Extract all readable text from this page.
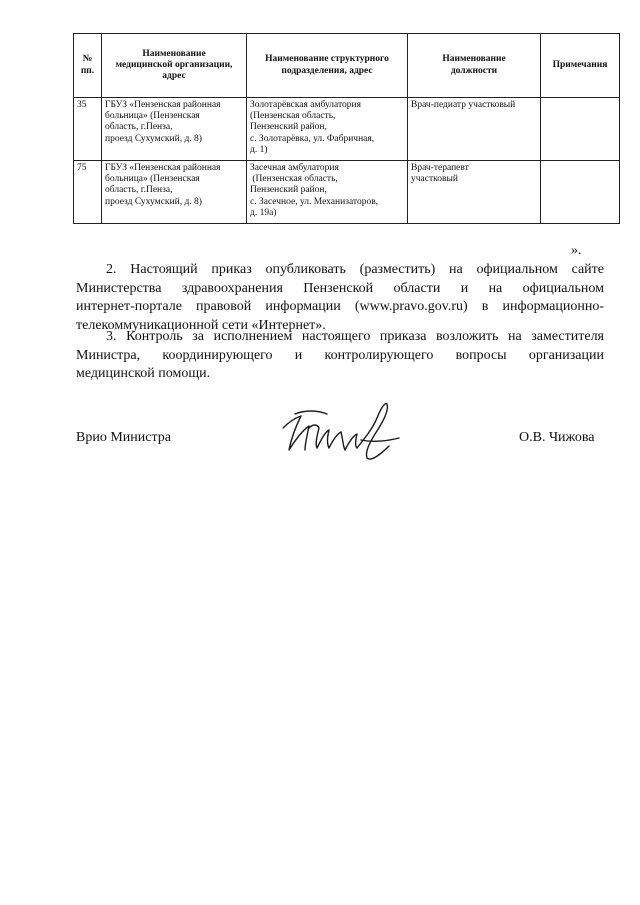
№
пп.	Наименование
медицинской организации,
адрес	Наименование структурного
подразделения, адрес	Наименование
должности	Примечания

35	ГБУЗ «Пензенская районная
больница» (Пензенская
область, г.Пенза,
проезд Сухумский, д. 8)	Золотарёвская амбулатория
(Пензенская область,
Пензенский район,
с. Золотарёвка, ул. Фабричная,
д. 1)	Врач-педиатр участковый	

75	ГБУЗ «Пензенская районная
больница» (Пензенская
область, г.Пенза,
проезд Сухумский, д. 8)	Засечная амбулатория
(Пензенская область,
Пензенский район,
с. Засечное, ул. Механизаторов,
д. 19а)	Врач-терапевт
участковый	

».
2. Настоящий приказ опубликовать (разместить) на официальном сайте
Министерства здравоохранения Пензенской области и на официальном
интернет-портале правовой информации (www.pravo.gov.ru) в информационно-
телекоммуникационной сети «Интернет».
3. Контроль за исполнением настоящего приказа возложить на заместителя
Министра, координирующего и контролирующего вопросы организации
медицинской помощи.
Врио Министра	О.В. Чижова
